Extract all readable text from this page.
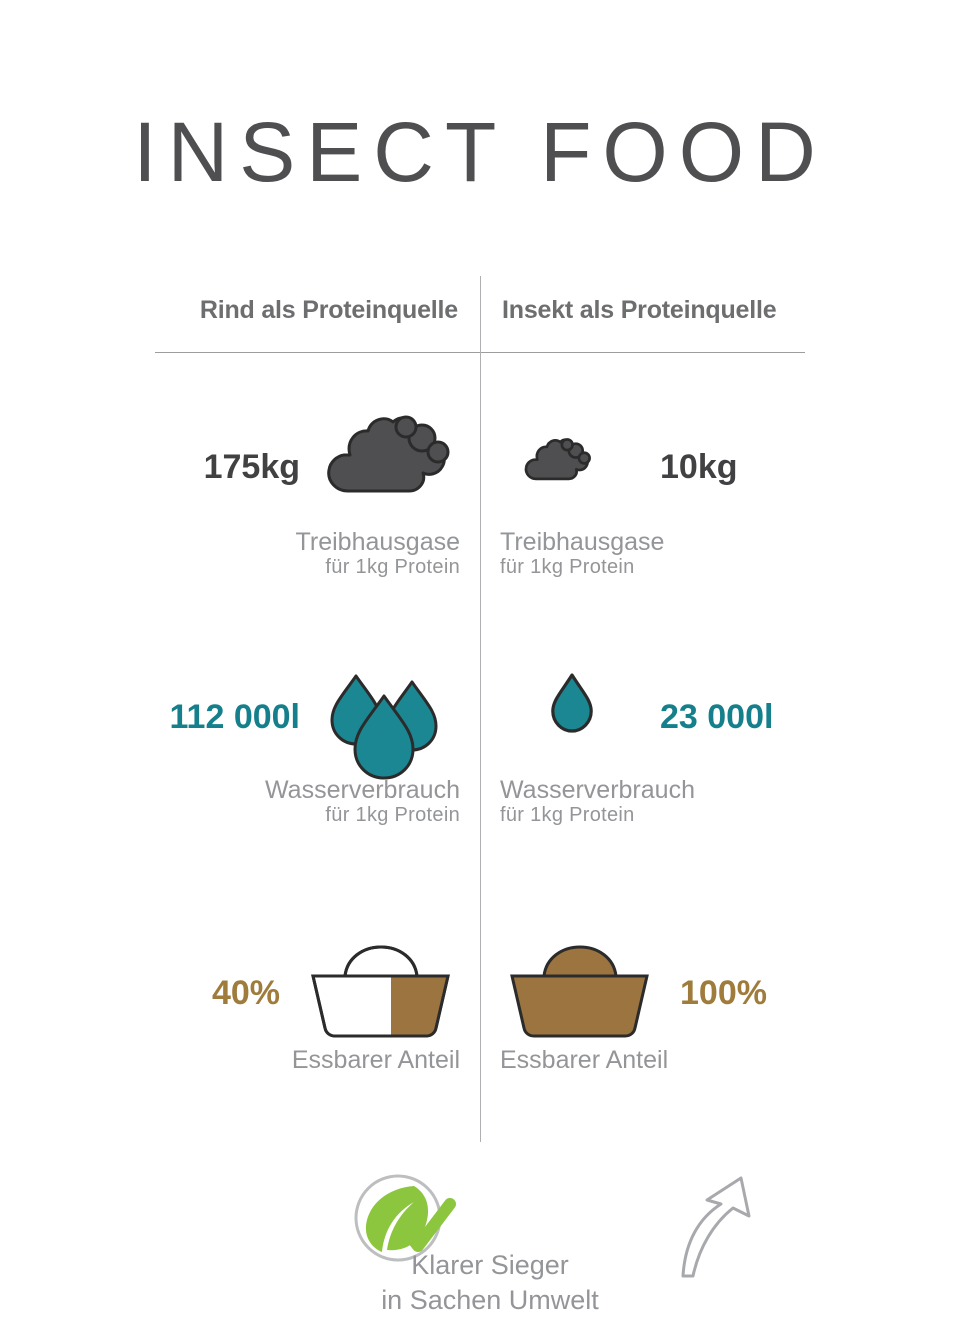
INSECT FOOD
Rind als Proteinquelle	Insekt als Proteinquelle
175kg
Treibhausgase
für 1kg Protein
10kg
Treibhausgase
für 1kg Protein
112 000l
Wasserverbrauch
für 1kg Protein
23 000l
Wasserverbrauch
für 1kg Protein
40%
Essbarer Anteil
100%
Essbarer Anteil
Klarer Sieger
in Sachen Umwelt
